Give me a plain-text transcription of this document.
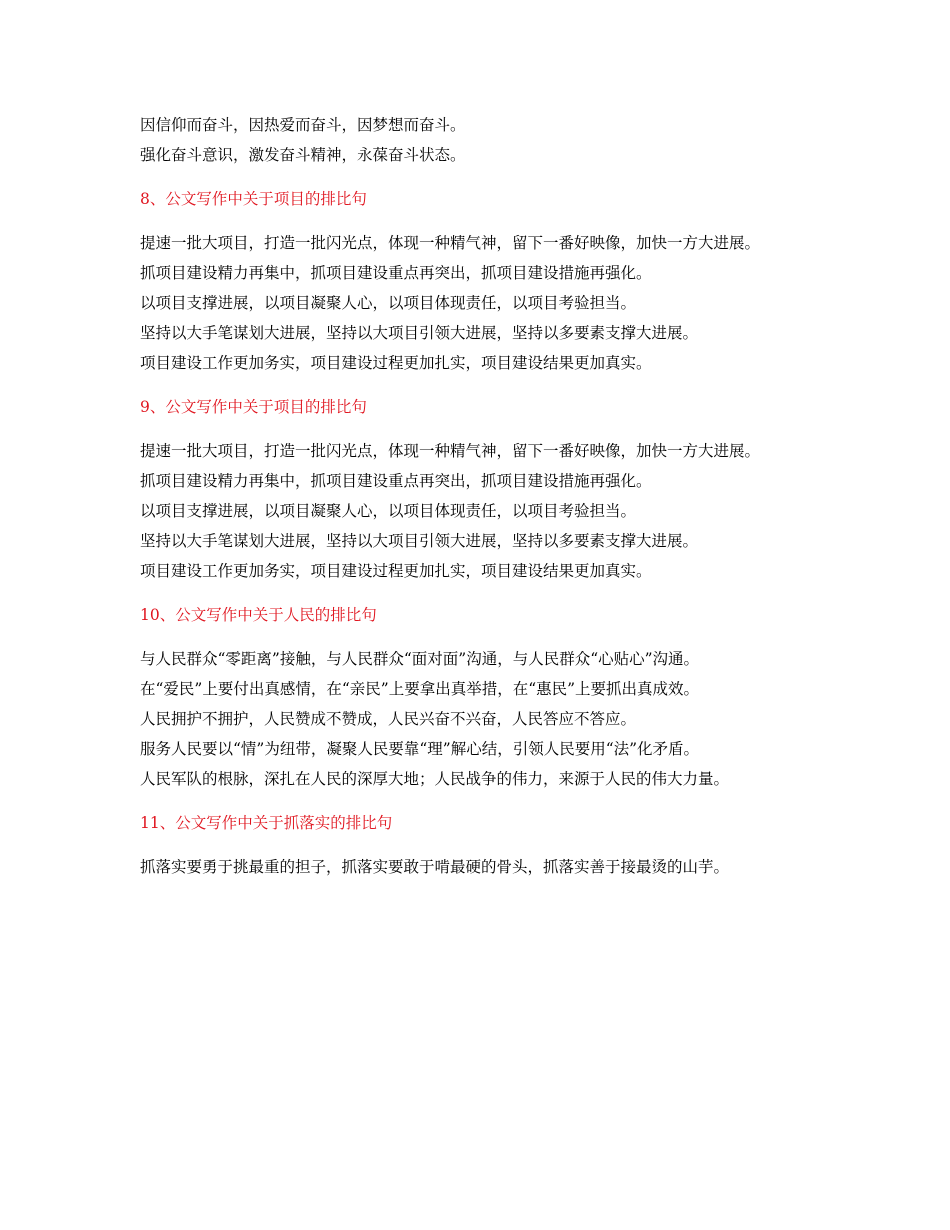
因信仰而奋斗，因热爱而奋斗，因梦想而奋斗。

强化奋斗意识，激发奋斗精神，永葆奋斗状态。

8、公文写作中关于项目的排比句

提速一批大项目，打造一批闪光点，体现一种精气神，留下一番好映像，加快一方大进展。

抓项目建设精力再集中，抓项目建设重点再突出，抓项目建设措施再强化。

以项目支撑进展，以项目凝聚人心，以项目体现责任，以项目考验担当。

坚持以大手笔谋划大进展，坚持以大项目引领大进展，坚持以多要素支撑大进展。

项目建设工作更加务实，项目建设过程更加扎实，项目建设结果更加真实。

9、公文写作中关于项目的排比句

提速一批大项目，打造一批闪光点，体现一种精气神，留下一番好映像，加快一方大进展。

抓项目建设精力再集中，抓项目建设重点再突出，抓项目建设措施再强化。

以项目支撑进展，以项目凝聚人心，以项目体现责任，以项目考验担当。

坚持以大手笔谋划大进展，坚持以大项目引领大进展，坚持以多要素支撑大进展。

项目建设工作更加务实，项目建设过程更加扎实，项目建设结果更加真实。

10、公文写作中关于人民的排比句

与人民群众“零距离”接触，与人民群众“面对面”沟通，与人民群众“心贴心”沟通。

在“爱民”上要付出真感情，在“亲民”上要拿出真举措，在“惠民”上要抓出真成效。

人民拥护不拥护，人民赞成不赞成，人民兴奋不兴奋，人民答应不答应。

服务人民要以“情”为纽带，凝聚人民要靠“理”解心结，引领人民要用“法”化矛盾。

人民军队的根脉，深扎在人民的深厚大地；人民战争的伟力，来源于人民的伟大力量。

11、公文写作中关于抓落实的排比句

抓落实要勇于挑最重的担子，抓落实要敢于啃最硬的骨头，抓落实善于接最烫的山芋。
